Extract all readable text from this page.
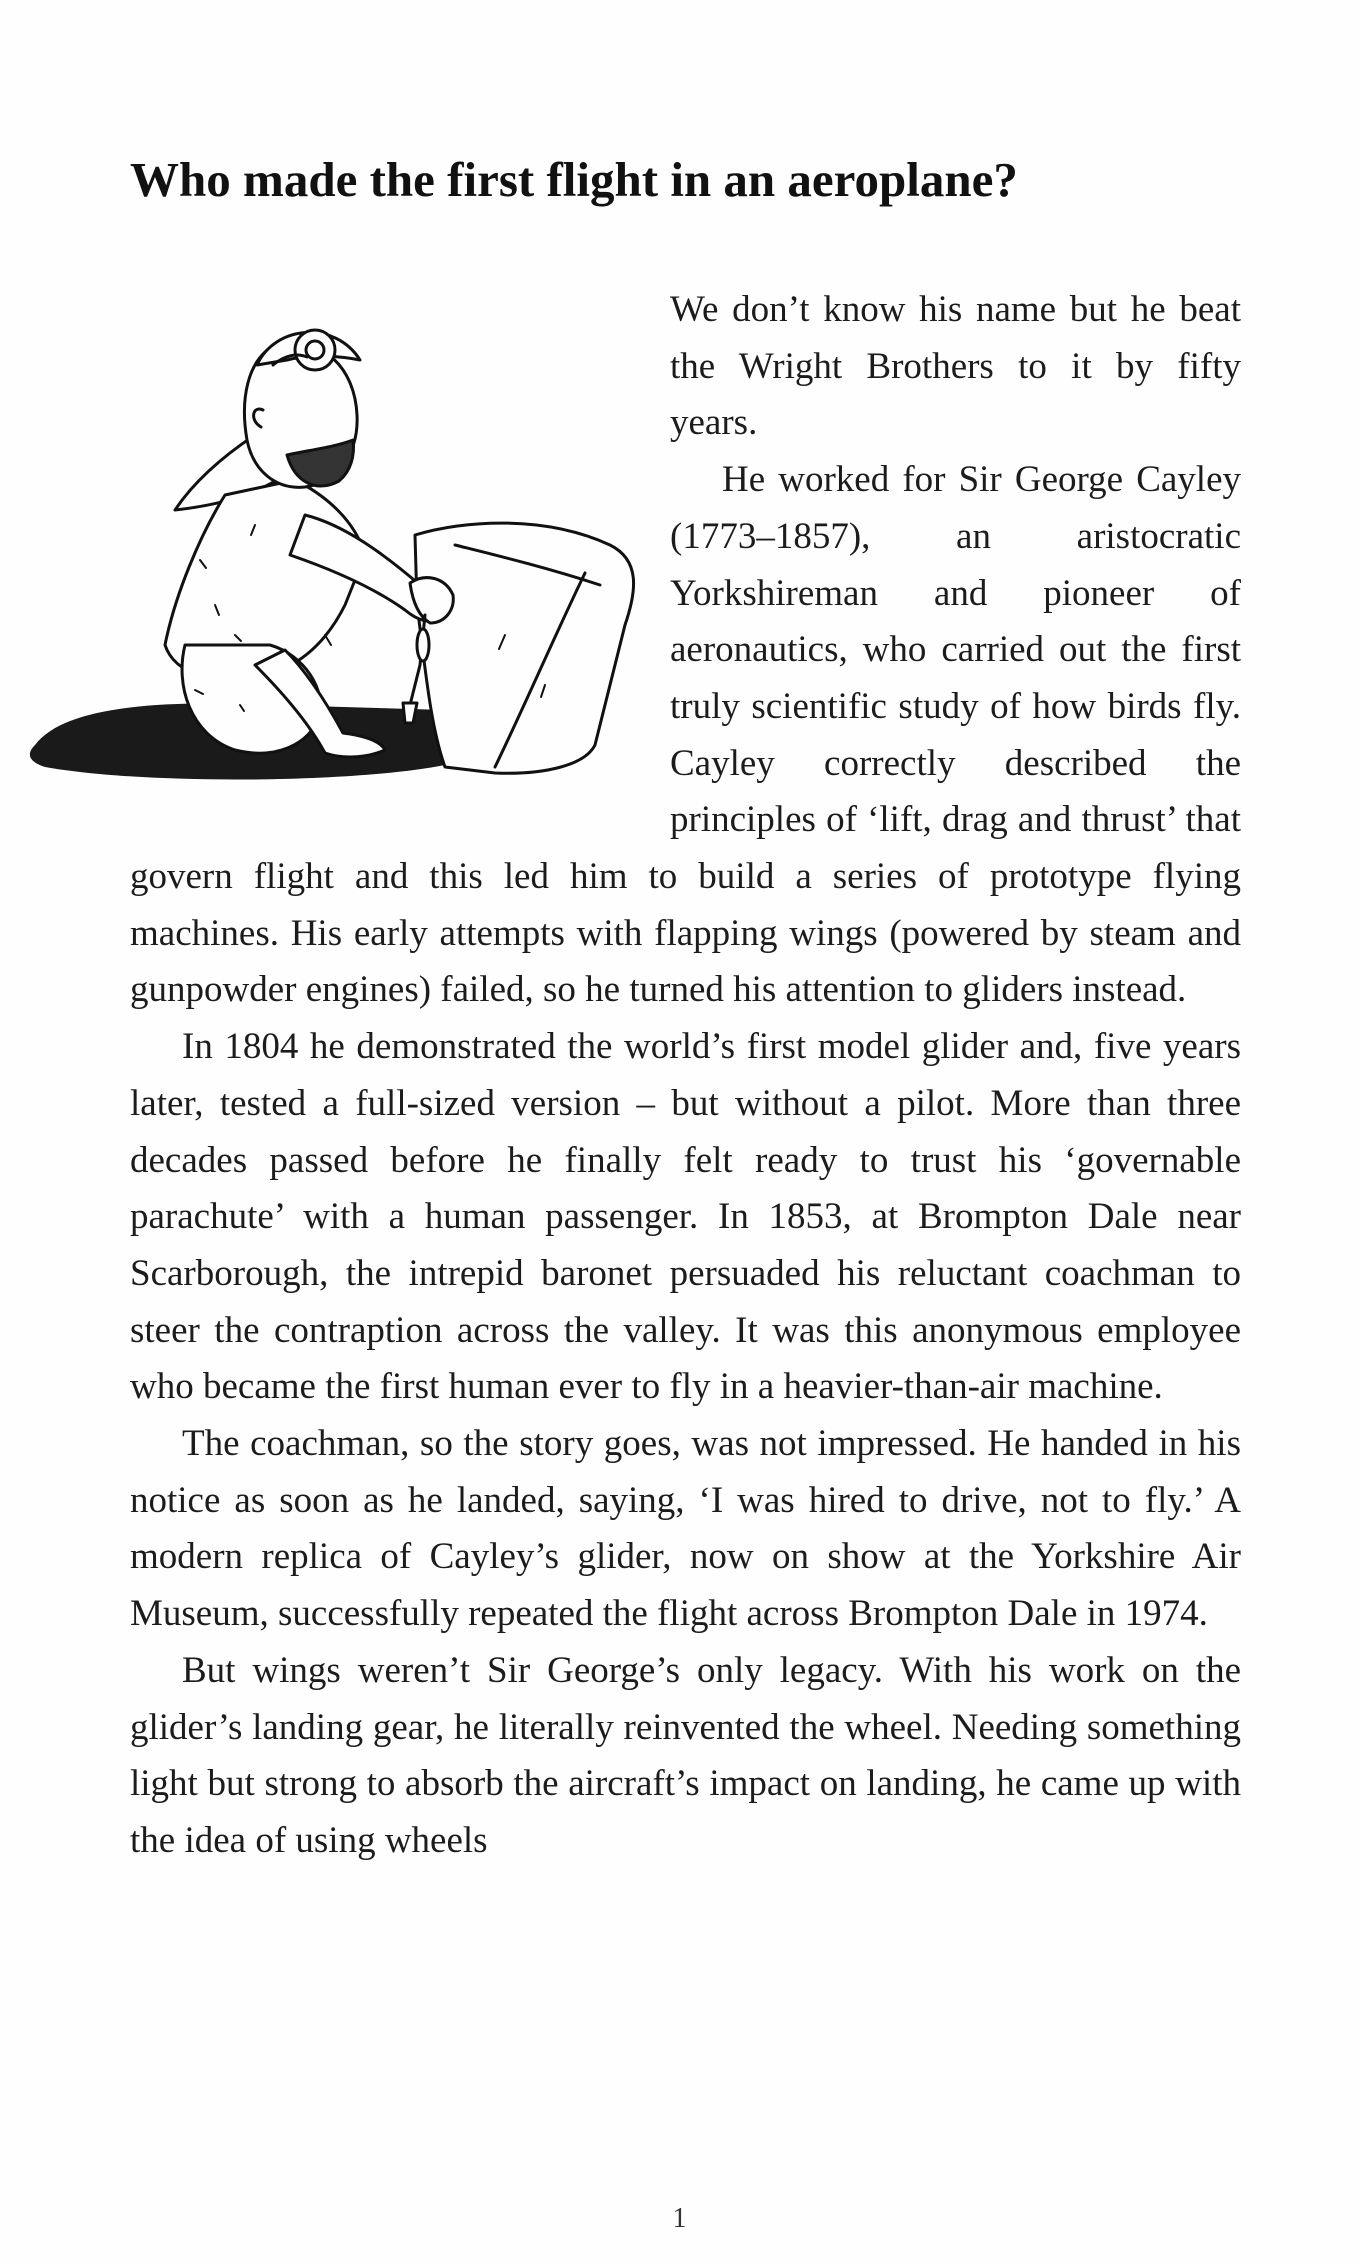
Who made the first flight in an aeroplane?

We don’t know his name but he beat the Wright Brothers to it by fifty years.

He worked for Sir George Cayley (1773–1857), an aristocratic Yorkshireman and pioneer of aeronautics, who carried out the first truly scientific study of how birds fly. Cayley correctly described the principles of ‘lift, drag and thrust’ that govern flight and this led him to build a series of prototype flying machines. His early attempts with flapping wings (powered by steam and gunpowder engines) failed, so he turned his attention to gliders instead.

In 1804 he demonstrated the world’s first model glider and, five years later, tested a full-sized version – but without a pilot. More than three decades passed before he finally felt ready to trust his ‘governable parachute’ with a human passenger. In 1853, at Brompton Dale near Scarborough, the intrepid baronet persuaded his reluctant coachman to steer the contraption across the valley. It was this anonymous employee who became the first human ever to fly in a heavier-than-air machine.

The coachman, so the story goes, was not impressed. He handed in his notice as soon as he landed, saying, ‘I was hired to drive, not to fly.’ A modern replica of Cayley’s glider, now on show at the Yorkshire Air Museum, successfully repeated the flight across Brompton Dale in 1974.

But wings weren’t Sir George’s only legacy. With his work on the glider’s landing gear, he literally reinvented the wheel. Needing something light but strong to absorb the aircraft’s impact on landing, he came up with the idea of using wheels

1
